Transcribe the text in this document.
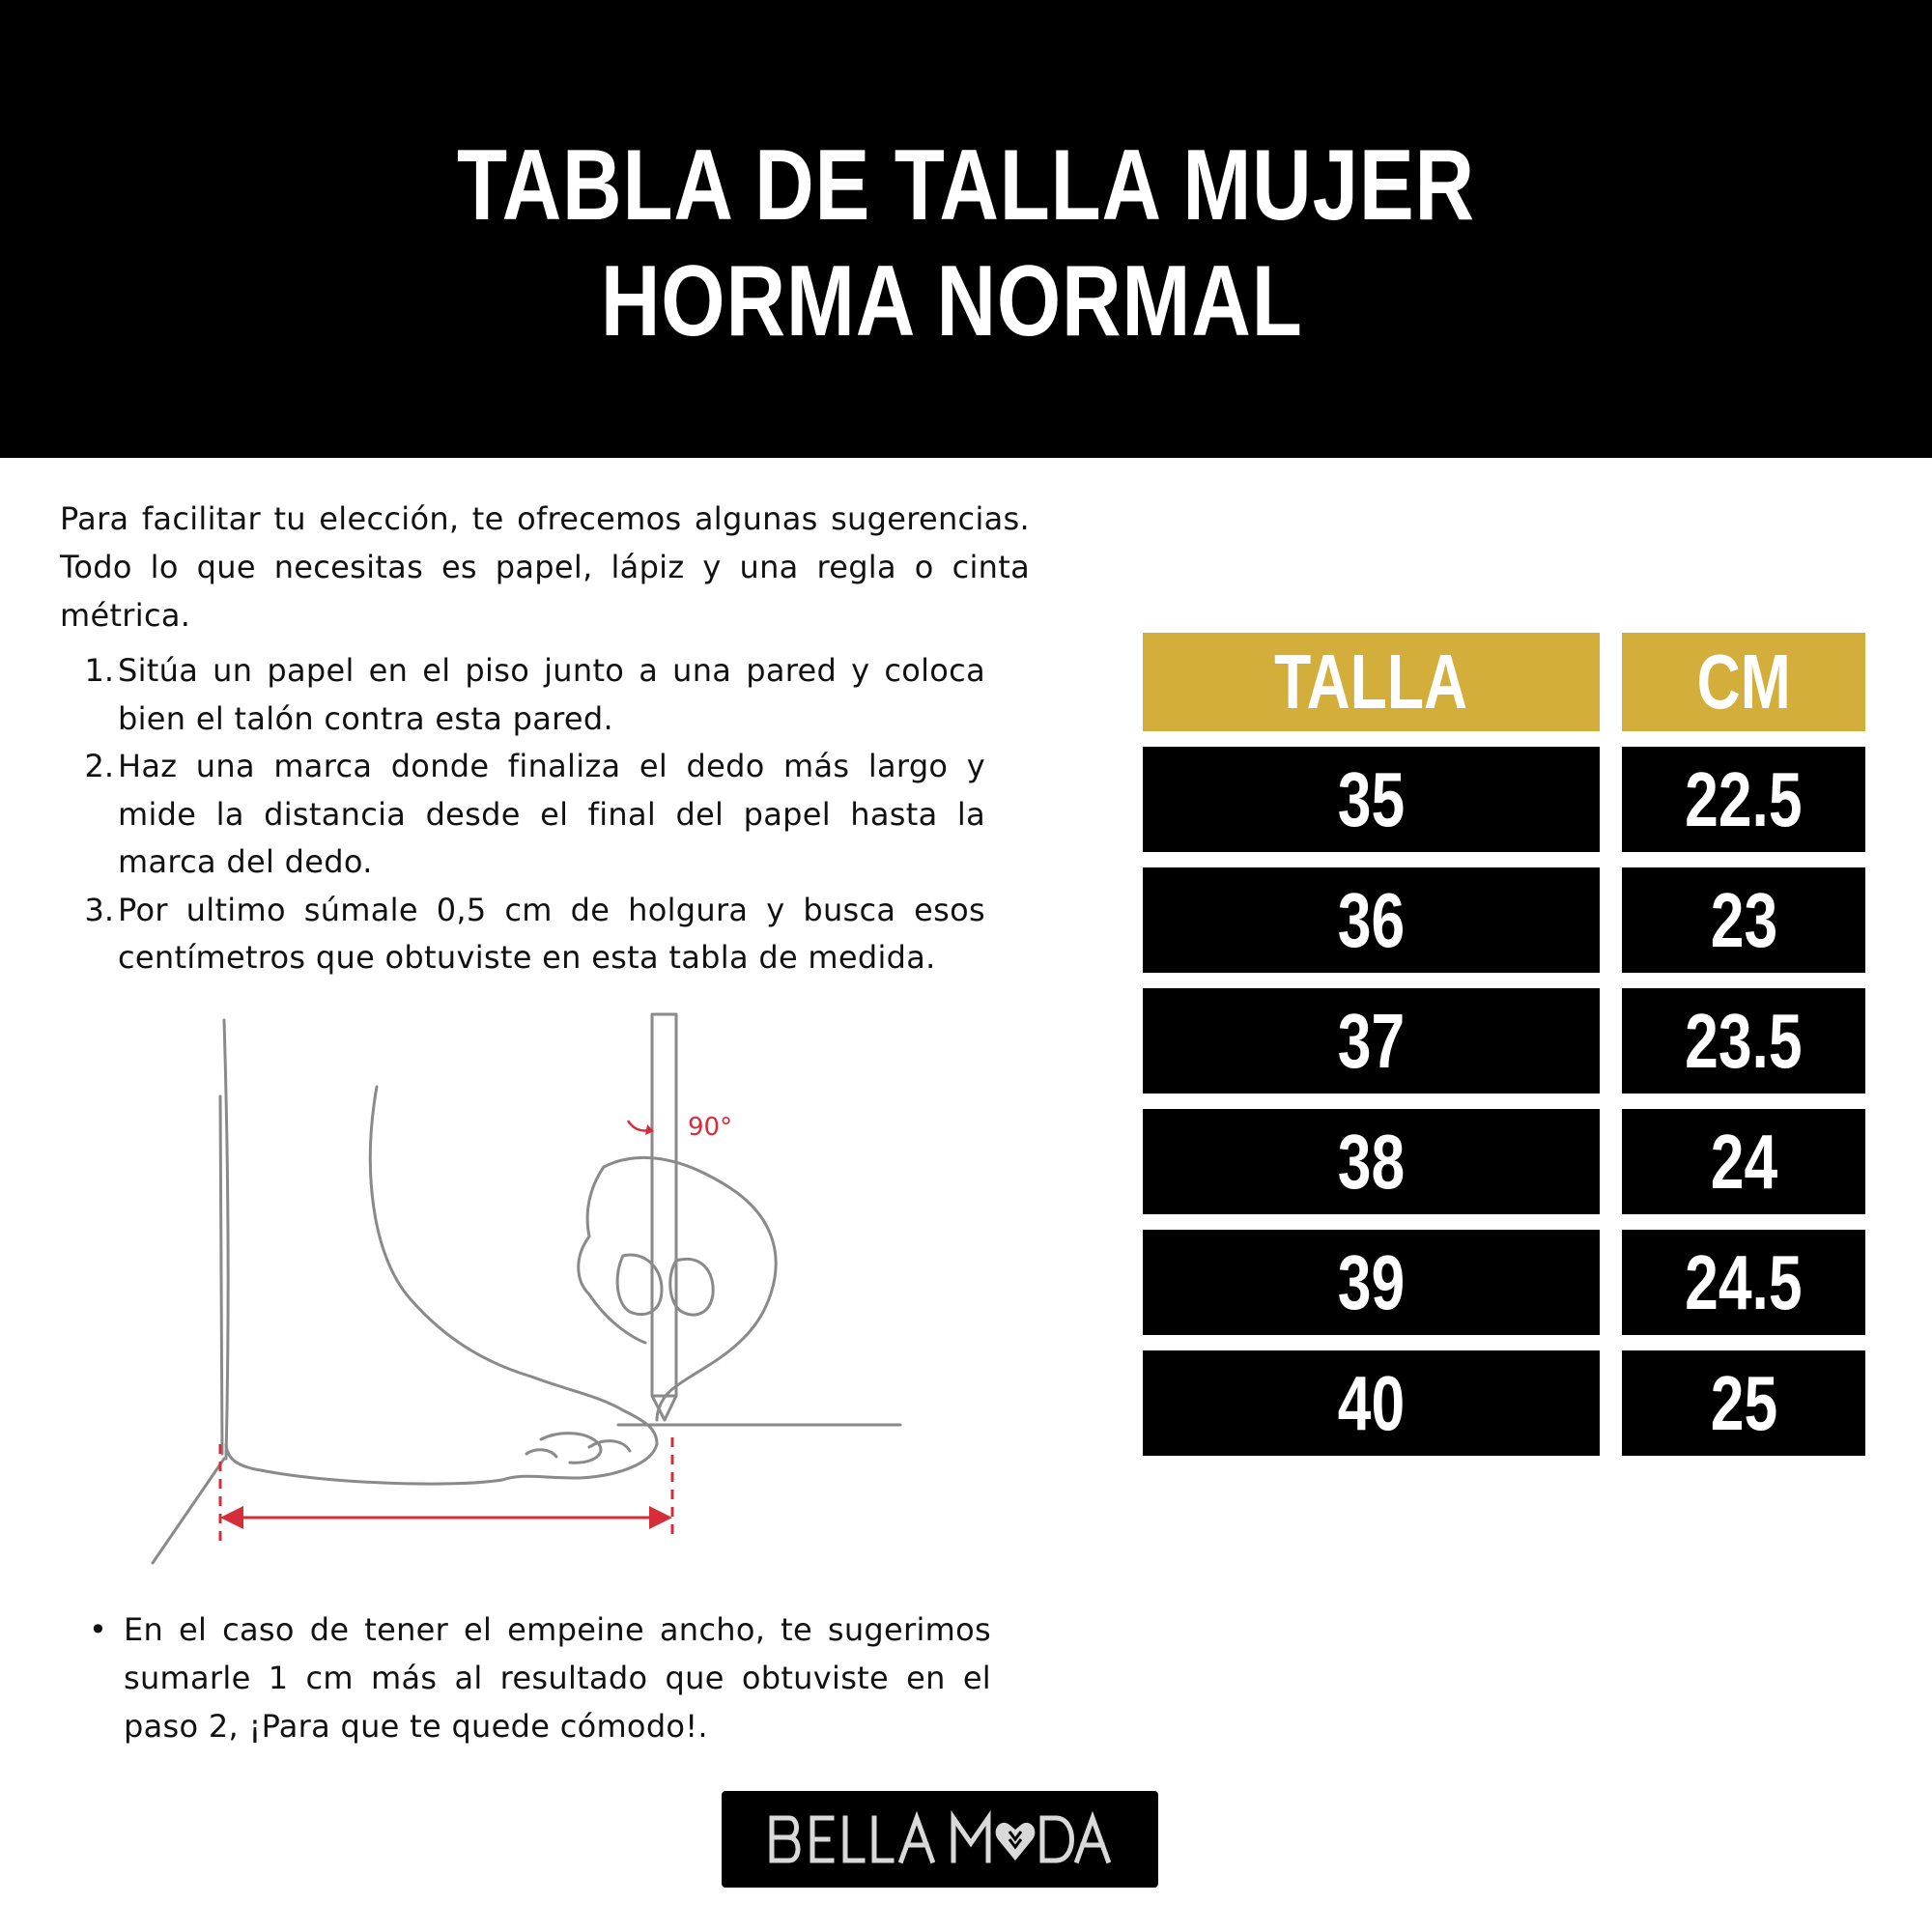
TABLA DE TALLA MUJER
HORMA NORMAL

Para facilitar tu elección, te ofrecemos algunas sugerencias. Todo lo que necesitas es papel, lápiz y una regla o cinta métrica.

1. Sitúa un papel en el piso junto a una pared y coloca bien el talón contra esta pared.
2. Haz una marca donde finaliza el dedo más largo y mide la distancia desde el final del papel hasta la marca del dedo.
3. Por ultimo súmale 0,5 cm de holgura y busca esos centímetros que obtuviste en esta tabla de medida.
90°
• En el caso de tener el empeine ancho, te sugerimos sumarle 1 cm más al resultado que obtuviste en el paso 2, ¡Para que te quede cómodo!.
TALLA	CM
35	22.5
36	23
37	23.5
38	24
39	24.5
40	25
